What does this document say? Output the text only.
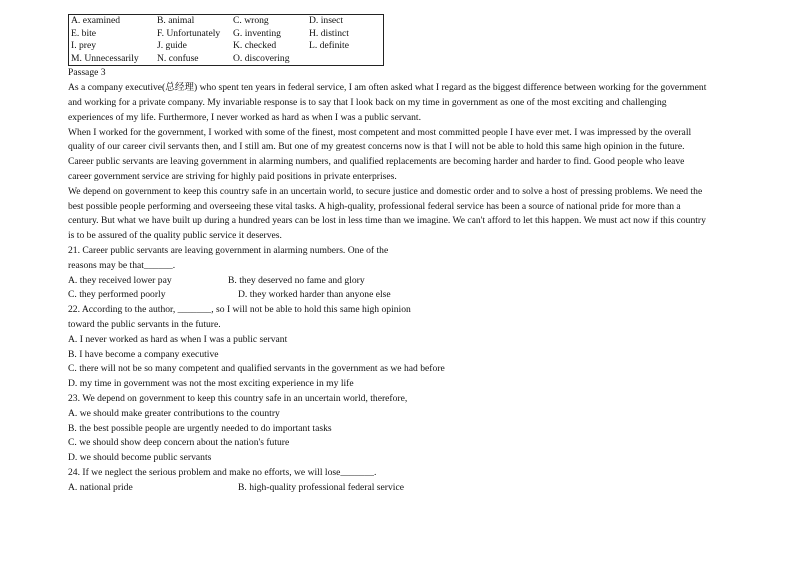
A. examined	B. animal	C. wrong	D. insect
E. bite	F. Unfortunately	G. inventing	H. distinct
I. prey	J. guide	K. checked	L. definite
M. Unnecessarily	N. confuse	O. discovering	
Passage 3

As a company executive(总经理) who spent ten years in federal service, I am often asked what I regard as the biggest difference between working for the government and working for a private company. My invariable response is to say that I look back on my time in government as one of the most exciting and challenging experiences of my life. Furthermore, I never worked as hard as when I was a public servant.

When I worked for the government, I worked with some of the finest, most competent and most committed people I have ever met. I was impressed by the overall quality of our career civil servants then, and I still am. But one of my greatest concerns now is that I will not be able to hold this same high opinion in the future.

Career public servants are leaving government in alarming numbers, and qualified replacements are becoming harder and harder to find. Good people who leave career government service are striving for highly paid positions in private enterprises.

We depend on government to keep this country safe in an uncertain world, to secure justice and domestic order and to solve a host of pressing problems. We need the best possible people performing and overseeing these vital tasks. A high-quality, professional federal service has been a source of national pride for more than a century. But what we have built up during a hundred years can be lost in less time than we imagine. We can't afford to let this happen. We must act now if this country is to be assured of the quality public service it deserves.

21. Career public servants are leaving government in alarming numbers. One of the
reasons may be that______.
A. they received lower pay	B. they deserved no fame and glory
C. they performed poorly	D. they worked harder than anyone else
22. According to the author, _______, so I will not be able to hold this same high opinion
toward the public servants in the future.
A. I never worked as hard as when I was a public servant
B. I have become a company executive
C. there will not be so many competent and qualified servants in the government as we had before
D. my time in government was not the most exciting experience in my life
23. We depend on government to keep this country safe in an uncertain world, therefore,
A. we should make greater contributions to the country
B. the best possible people are urgently needed to do important tasks
C. we should show deep concern about the nation's future
D. we should become public servants
24. If we neglect the serious problem and make no efforts, we will lose_______.
A. national pride	B. high-quality professional federal service
